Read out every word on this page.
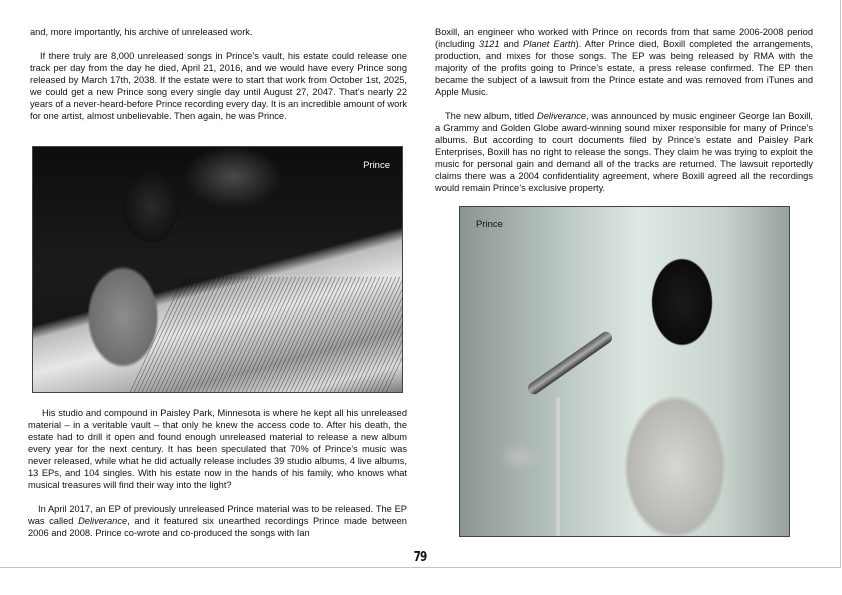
and, more importantly, his archive of unreleased work.

If there truly are 8,000 unreleased songs in Prince’s vault, his estate could release one track per day from the day he died, April 21, 2016, and we would have every Prince song released by March 17th, 2038. If the estate were to start that work from October 1st, 2025, we could get a new Prince song every single day until August 27, 2047. That’s nearly 22 years of a never-heard-before Prince recording every day. It is an incredible amount of work for one artist, almost unbelievable. Then again, he was Prince.

Prince

His studio and compound in Paisley Park, Minnesota is where he kept all his unreleased material – in a veritable vault – that only he knew the access code to. After his death, the estate had to drill it open and found enough unreleased material to release a new album every year for the next century. It has been speculated that 70% of Prince’s music was never released, while what he did actually release includes 39 studio albums, 4 live albums, 13 EPs, and 104 singles. With his estate now in the hands of his family, who knows what musical treasures will find their way into the light?

In April 2017, an EP of previously unreleased Prince material was to be released. The EP was called Deliverance, and it featured six unearthed recordings Prince made between 2006 and 2008. Prince co-wrote and co-produced the songs with Ian

Boxill, an engineer who worked with Prince on records from that same 2006-2008 period (including 3121 and Planet Earth). After Prince died, Boxill completed the arrangements, production, and mixes for those songs. The EP was being released by RMA with the majority of the profits going to Prince’s estate, a press release confirmed. The EP then became the subject of a lawsuit from the Prince estate and was removed from iTunes and Apple Music.

The new album, titled Deliverance, was announced by music engineer George Ian Boxill, a Grammy and Golden Globe award-winning sound mixer responsible for many of Prince’s albums. But according to court documents filed by Prince’s estate and Paisley Park Enterprises, Boxill has no right to release the songs. They claim he was trying to exploit the music for personal gain and demand all of the tracks are returned. The lawsuit reportedly claims there was a 2004 confidentiality agreement, where Boxill agreed all the recordings would remain Prince’s exclusive property.

Prince
79
